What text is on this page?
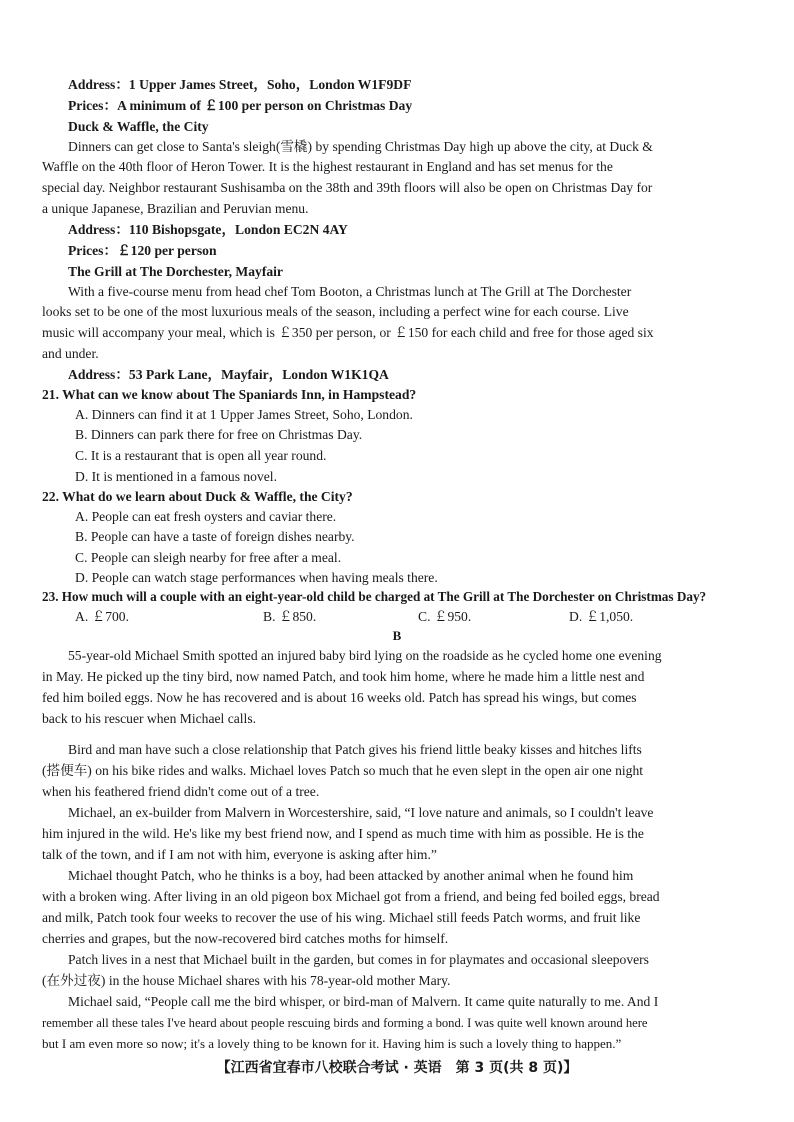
Address：1 Upper James Street，Soho，London W1F9DF
Prices：A minimum of ￡100 per person on Christmas Day
Duck & Waffle, the City
Dinners can get close to Santa's sleigh(雪橇) by spending Christmas Day high up above the city, at Duck &
Waffle on the 40th floor of Heron Tower. It is the highest restaurant in England and has set menus for the
special day. Neighbor restaurant Sushisamba on the 38th and 39th floors will also be open on Christmas Day for
a unique Japanese, Brazilian and Peruvian menu.
Address：110 Bishopsgate，London EC2N 4AY
Prices：￡120 per person
The Grill at The Dorchester, Mayfair
With a five-course menu from head chef Tom Booton, a Christmas lunch at The Grill at The Dorchester
looks set to be one of the most luxurious meals of the season, including a perfect wine for each course. Live
music will accompany your meal, which is ￡350 per person, or ￡150 for each child and free for those aged six
and under.
Address：53 Park Lane，Mayfair，London W1K1QA
21. What can we know about The Spaniards Inn, in Hampstead?
A. Dinners can find it at 1 Upper James Street, Soho, London.
B. Dinners can park there for free on Christmas Day.
C. It is a restaurant that is open all year round.
D. It is mentioned in a famous novel.
22. What do we learn about Duck & Waffle, the City?
A. People can eat fresh oysters and caviar there.
B. People can have a taste of foreign dishes nearby.
C. People can sleigh nearby for free after a meal.
D. People can watch stage performances when having meals there.
23. How much will a couple with an eight-year-old child be charged at The Grill at The Dorchester on Christmas Day?
A. ￡700.	B. ￡850.	C. ￡950.	D. ￡1,050.
B
55-year-old Michael Smith spotted an injured baby bird lying on the roadside as he cycled home one evening
in May. He picked up the tiny bird, now named Patch, and took him home, where he made him a little nest and
fed him boiled eggs. Now he has recovered and is about 16 weeks old. Patch has spread his wings, but comes
back to his rescuer when Michael calls.
Bird and man have such a close relationship that Patch gives his friend little beaky kisses and hitches lifts
(搭便车) on his bike rides and walks. Michael loves Patch so much that he even slept in the open air one night
when his feathered friend didn't come out of a tree.
Michael, an ex-builder from Malvern in Worcestershire, said, “I love nature and animals, so I couldn't leave
him injured in the wild. He's like my best friend now, and I spend as much time with him as possible. He is the
talk of the town, and if I am not with him, everyone is asking after him.”
Michael thought Patch, who he thinks is a boy, had been attacked by another animal when he found him
with a broken wing. After living in an old pigeon box Michael got from a friend, and being fed boiled eggs, bread
and milk, Patch took four weeks to recover the use of his wing. Michael still feeds Patch worms, and fruit like
cherries and grapes, but the now-recovered bird catches moths for himself.
Patch lives in a nest that Michael built in the garden, but comes in for playmates and occasional sleepovers
(在外过夜) in the house Michael shares with his 78-year-old mother Mary.
Michael said, “People call me the bird whisper, or bird-man of Malvern. It came quite naturally to me. And I
remember all these tales I've heard about people rescuing birds and forming a bond. I was quite well known around here
but I am even more so now; it's a lovely thing to be known for it. Having him is such a lovely thing to happen.”
【江西省宜春市八校联合考试 · 英语　第 3 页(共 8 页)】
